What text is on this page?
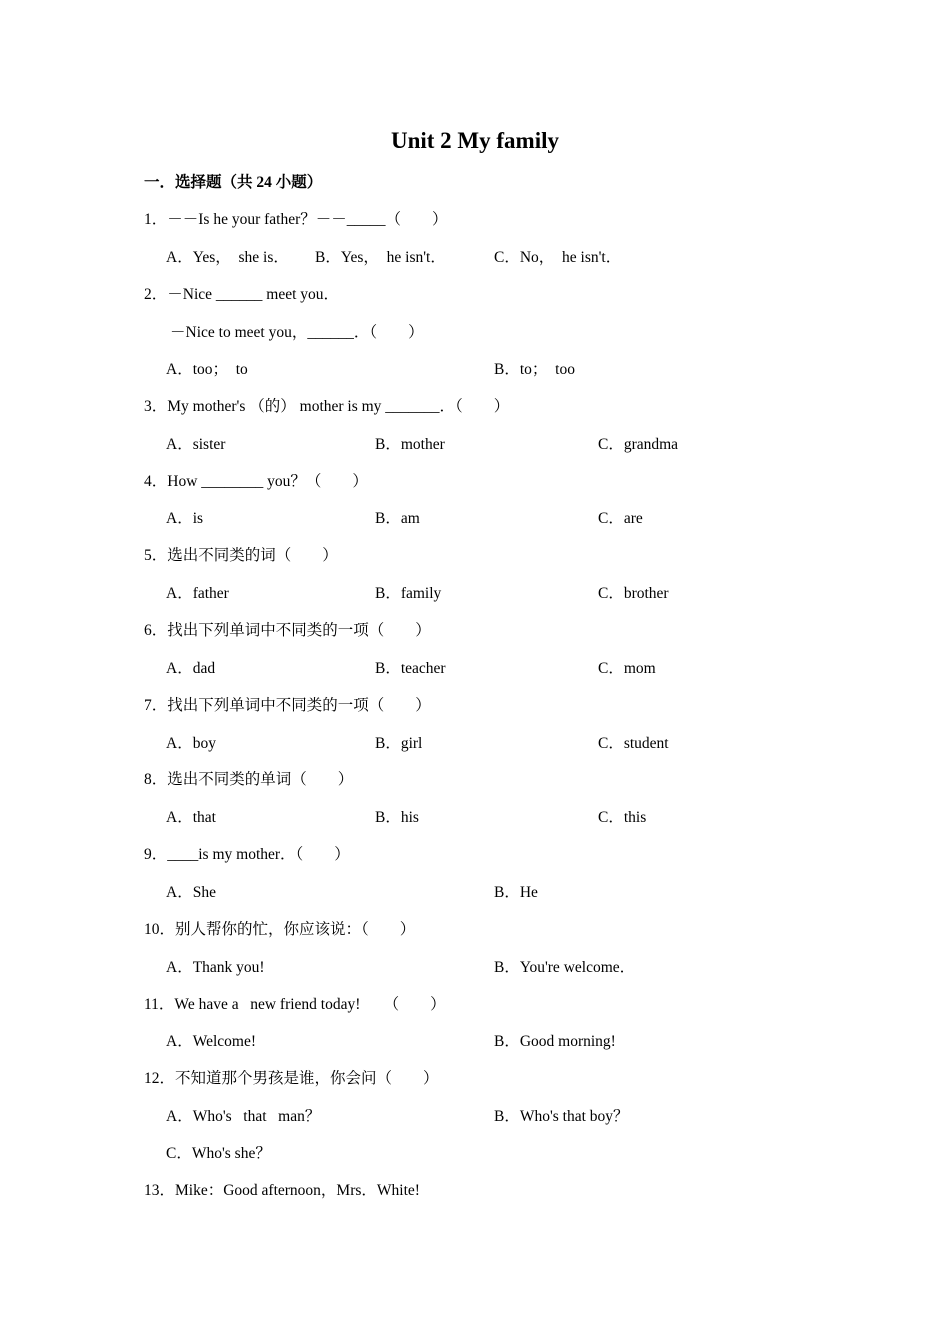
Unit 2 My family
一．选择题（共 24 小题）
1．－－Is he your father？－－_____（　　）
A．Yes，  she is． B．Yes，  he isn't．	C．No，  he isn't．
2．－Nice ______ meet you．
－Nice to meet you，______．（　　）
A．too；  to	B．to；  too
3．My mother's （的） mother is my _______．（　　）
A．sister	B．mother	C．grandma
4．How ________ you？（　　）
A．is	B．am	C．are
5．选出不同类的词（　　）
A．father	B．family	C．brother
6．找出下列单词中不同类的一项（　　）
A．dad	B．teacher	C．mom
7．找出下列单词中不同类的一项（　　）
A．boy	B．girl	C．student
8．选出不同类的单词（　　）
A．that	B．his	C．this
9．____is my mother．（　　）
A．She	B．He
10．别人帮你的忙，你应该说：（　　）
A．Thank you!	B．You're welcome．
11．We have a   new friend today!      （　　）
A．Welcome!	B．Good morning!
12．不知道那个男孩是谁，你会问（　　）
A．Who's   that   man？	B．Who's that boy？
C．Who's she？
13．Mike：Good afternoon，Mrs．White!
